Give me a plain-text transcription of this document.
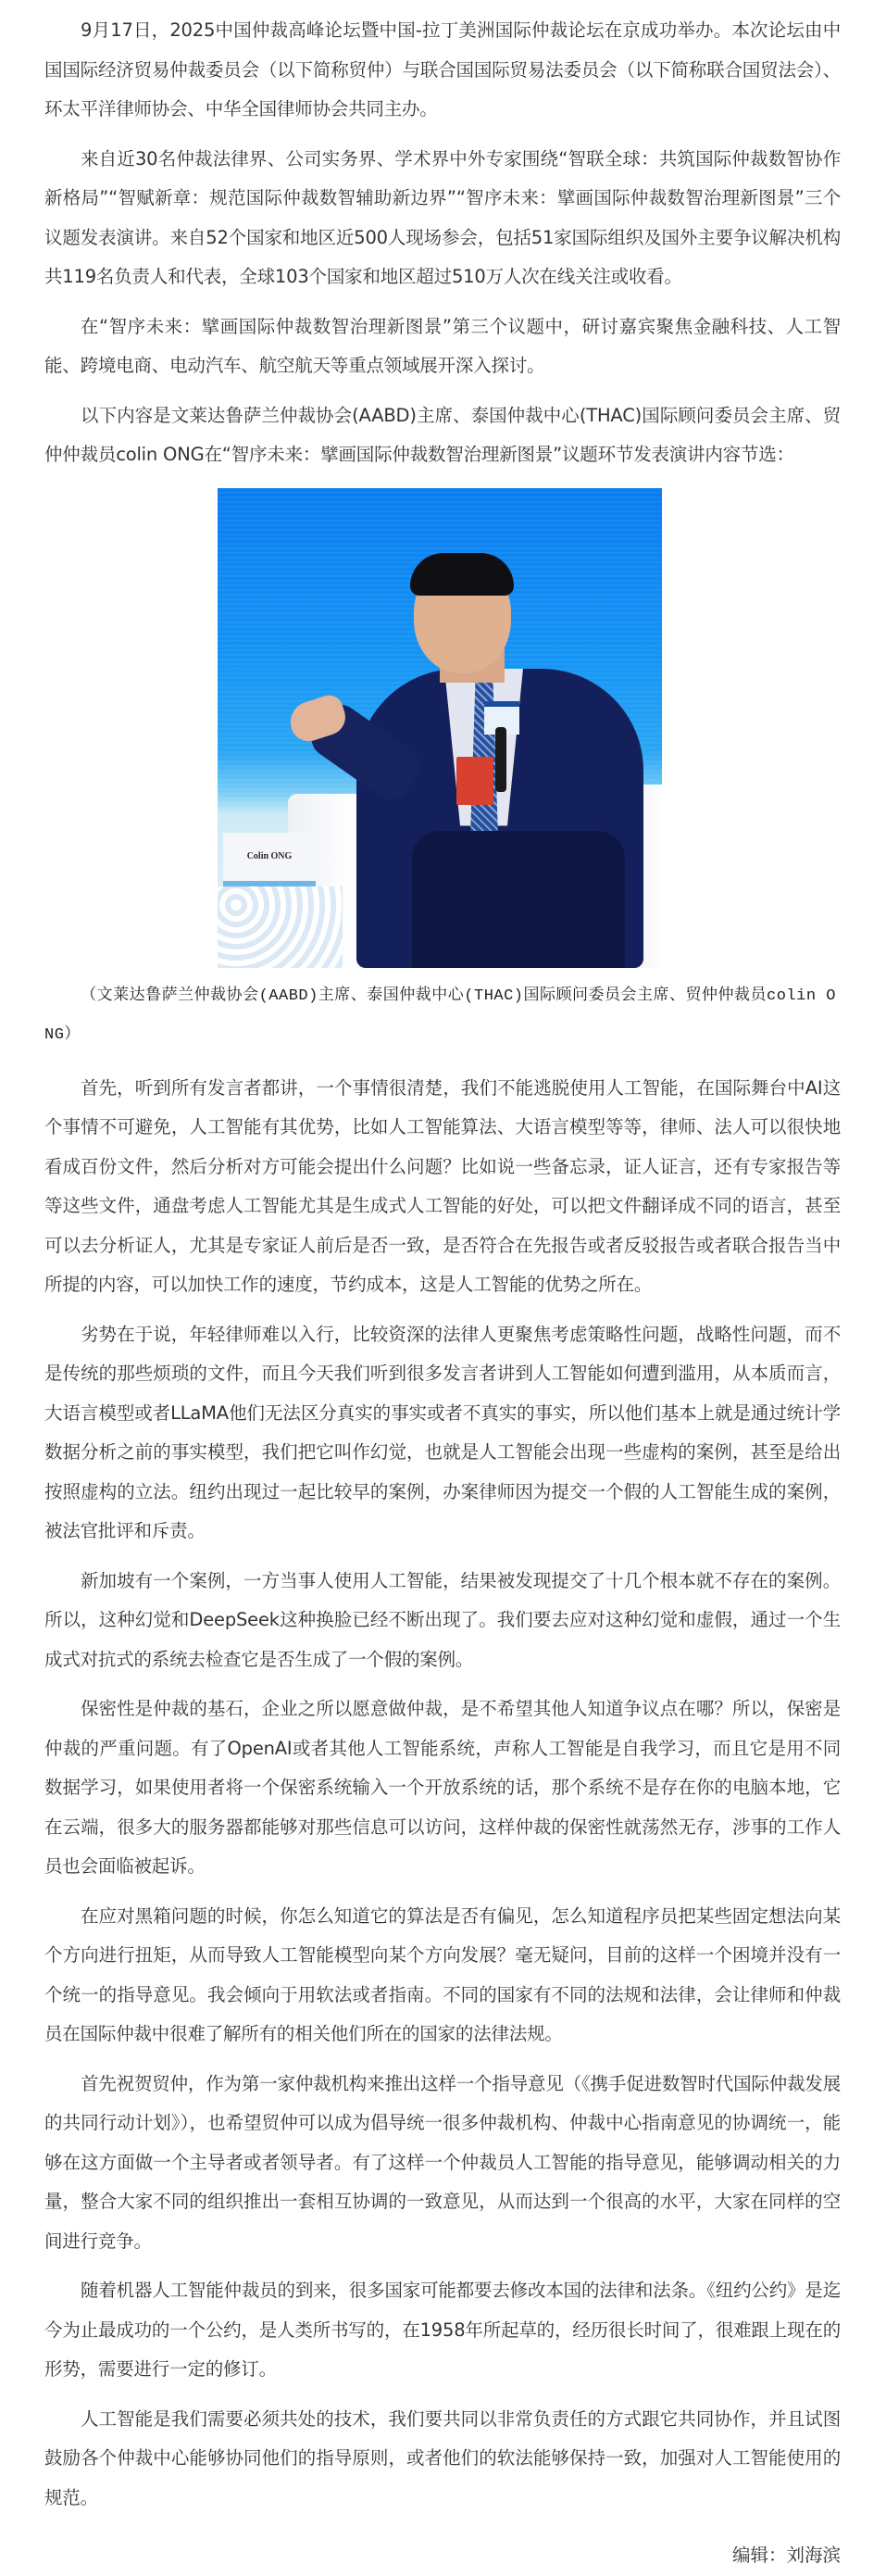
9月17日，2025中国仲裁高峰论坛暨中国-拉丁美洲国际仲裁论坛在京成功举办。本次论坛由中国国际经济贸易仲裁委员会（以下简称贸仲）与联合国国际贸易法委员会（以下简称联合国贸法会）、环太平洋律师协会、中华全国律师协会共同主办。

来自近30名仲裁法律界、公司实务界、学术界中外专家围绕“智联全球：共筑国际仲裁数智协作新格局”“智赋新章：规范国际仲裁数智辅助新边界”“智序未来：擘画国际仲裁数智治理新图景”三个议题发表演讲。来自52个国家和地区近500人现场参会，包括51家国际组织及国外主要争议解决机构共119名负责人和代表，全球103个国家和地区超过510万人次在线关注或收看。

在“智序未来：擘画国际仲裁数智治理新图景”第三个议题中，研讨嘉宾聚焦金融科技、人工智能、跨境电商、电动汽车、航空航天等重点领域展开深入探讨。

以下内容是文莱达鲁萨兰仲裁协会(AABD)主席、泰国仲裁中心(THAC)国际顾问委员会主席、贸仲仲裁员colin ONG在“智序未来：擘画国际仲裁数智治理新图景”议题环节发表演讲内容节选：

Colin ONG

（文莱达鲁萨兰仲裁协会(AABD)主席、泰国仲裁中心(THAC)国际顾问委员会主席、贸仲仲裁员colin ONG）

首先，听到所有发言者都讲，一个事情很清楚，我们不能逃脱使用人工智能，在国际舞台中AI这个事情不可避免，人工智能有其优势，比如人工智能算法、大语言模型等等，律师、法人可以很快地看成百份文件，然后分析对方可能会提出什么问题？比如说一些备忘录，证人证言，还有专家报告等等这些文件，通盘考虑人工智能尤其是生成式人工智能的好处，可以把文件翻译成不同的语言，甚至可以去分析证人，尤其是专家证人前后是否一致，是否符合在先报告或者反驳报告或者联合报告当中所提的内容，可以加快工作的速度，节约成本，这是人工智能的优势之所在。

劣势在于说，年轻律师难以入行，比较资深的法律人更聚焦考虑策略性问题，战略性问题，而不是传统的那些烦琐的文件，而且今天我们听到很多发言者讲到人工智能如何遭到滥用，从本质而言，大语言模型或者LLaMA他们无法区分真实的事实或者不真实的事实，所以他们基本上就是通过统计学数据分析之前的事实模型，我们把它叫作幻觉，也就是人工智能会出现一些虚构的案例，甚至是给出按照虚构的立法。纽约出现过一起比较早的案例，办案律师因为提交一个假的人工智能生成的案例，被法官批评和斥责。

新加坡有一个案例，一方当事人使用人工智能，结果被发现提交了十几个根本就不存在的案例。所以，这种幻觉和DeepSeek这种换脸已经不断出现了。我们要去应对这种幻觉和虚假，通过一个生成式对抗式的系统去检查它是否生成了一个假的案例。

保密性是仲裁的基石，企业之所以愿意做仲裁，是不希望其他人知道争议点在哪？所以，保密是仲裁的严重问题。有了OpenAI或者其他人工智能系统，声称人工智能是自我学习，而且它是用不同数据学习，如果使用者将一个保密系统输入一个开放系统的话，那个系统不是存在你的电脑本地，它在云端，很多大的服务器都能够对那些信息可以访问，这样仲裁的保密性就荡然无存，涉事的工作人员也会面临被起诉。

在应对黑箱问题的时候，你怎么知道它的算法是否有偏见，怎么知道程序员把某些固定想法向某个方向进行扭矩，从而导致人工智能模型向某个方向发展？毫无疑问，目前的这样一个困境并没有一个统一的指导意见。我会倾向于用软法或者指南。不同的国家有不同的法规和法律，会让律师和仲裁员在国际仲裁中很难了解所有的相关他们所在的国家的法律法规。

首先祝贺贸仲，作为第一家仲裁机构来推出这样一个指导意见（《携手促进数智时代国际仲裁发展的共同行动计划》），也希望贸仲可以成为倡导统一很多仲裁机构、仲裁中心指南意见的协调统一，能够在这方面做一个主导者或者领导者。有了这样一个仲裁员人工智能的指导意见，能够调动相关的力量，整合大家不同的组织推出一套相互协调的一致意见，从而达到一个很高的水平，大家在同样的空间进行竞争。

随着机器人工智能仲裁员的到来，很多国家可能都要去修改本国的法律和法条。《纽约公约》是迄今为止最成功的一个公约，是人类所书写的，在1958年所起草的，经历很长时间了，很难跟上现在的形势，需要进行一定的修订。

人工智能是我们需要必须共处的技术，我们要共同以非常负责任的方式跟它共同协作，并且试图鼓励各个仲裁中心能够协同他们的指导原则，或者他们的软法能够保持一致，加强对人工智能使用的规范。

编辑：刘海滨
